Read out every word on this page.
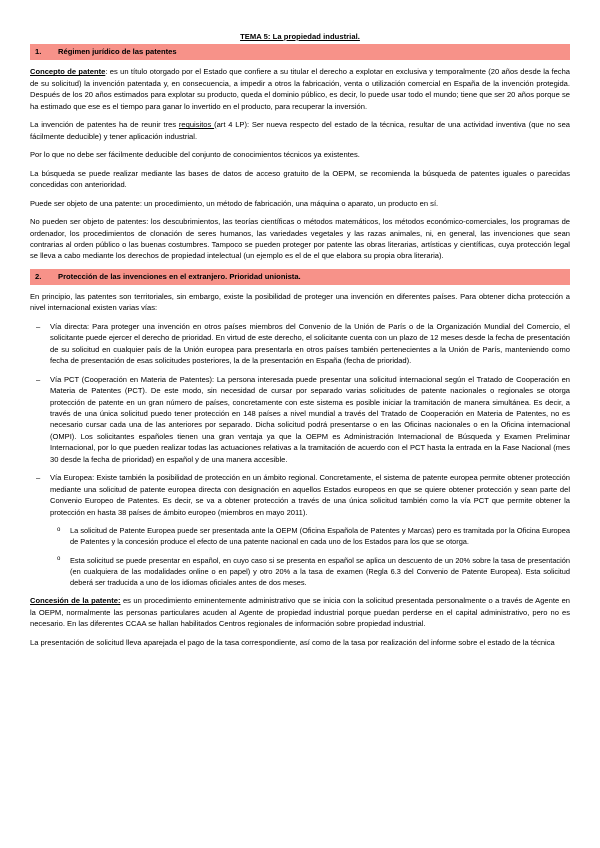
TEMA 5: La propiedad industrial.
1.	Régimen jurídico de las patentes

Concepto de patente: es un título otorgado por el Estado que confiere a su titular el derecho a explotar en exclusiva y temporalmente (20 años desde la fecha de su solicitud) la invención patentada y, en consecuencia, a impedir a otros la fabricación, venta o utilización comercial en España de la invención protegida. Después de los 20 años estimados para explotar su producto, queda el dominio público, es decir, lo puede usar todo el mundo; tiene que ser 20 años porque se ha estimado que ese es el tiempo para ganar lo invertido en el producto, para recuperar la inversión.

La invención de patentes ha de reunir tres requisitos (art 4 LP): Ser nueva respecto del estado de la técnica, resultar de una actividad inventiva (que no sea fácilmente deducible) y tener aplicación industrial.

Por lo que no debe ser fácilmente deducible del conjunto de conocimientos técnicos ya existentes.

La búsqueda se puede realizar mediante las bases de datos de acceso gratuito de la OEPM, se recomienda la búsqueda de patentes iguales o parecidas concedidas con anterioridad.

Puede ser objeto de una patente: un procedimiento, un método de fabricación, una máquina o aparato, un producto en sí.

No pueden ser objeto de patentes: los descubrimientos, las teorías científicas o métodos matemáticos, los métodos económico-comerciales, los programas de ordenador, los procedimientos de clonación de seres humanos, las variedades vegetales y las razas animales, ni, en general, las invenciones que sean contrarias al orden público o las buenas costumbres. Tampoco se pueden proteger por patente las obras literarias, artísticas y científicas, cuya protección legal se lleva a cabo mediante los derechos de propiedad intelectual (un ejemplo es el de el que elabora su propia obra literaria).

2.	Protección de las invenciones en el extranjero. Prioridad unionista.

En principio, las patentes son territoriales, sin embargo, existe la posibilidad de proteger una invención en diferentes países. Para obtener dicha protección a nivel internacional existen varias vías:

– Vía directa: Para proteger una invención en otros países miembros del Convenio de la Unión de París o de la Organización Mundial del Comercio, el solicitante puede ejercer el derecho de prioridad. En virtud de este derecho, el solicitante cuenta con un plazo de 12 meses desde la fecha de presentación de su solicitud en cualquier país de la Unión europea para presentarla en otros países también pertenecientes a la Unión de París, manteniendo como fecha de presentación de esas solicitudes posteriores, la de la presentación en España (fecha de prioridad).
– Vía PCT (Cooperación en Materia de Patentes): La persona interesada puede presentar una solicitud internacional según el Tratado de Cooperación en Materia de Patentes (PCT). De este modo, sin necesidad de cursar por separado varias solicitudes de patente nacionales o regionales se otorga protección de patente en un gran número de países, concretamente con este sistema es posible iniciar la tramitación de manera simultánea. Es decir, a través de una única solicitud puedo tener protección en 148 países a nivel mundial a través del Tratado de Cooperación en Materia de Patentes, no es necesario cursar cada una de las anteriores por separado. Dicha solicitud podrá presentarse o en las Oficinas nacionales o en la Oficina internacional (OMPI). Los solicitantes españoles tienen una gran ventaja ya que la OEPM es Administración Internacional de Búsqueda y Examen Preliminar Internacional, por lo que pueden realizar todas las actuaciones relativas a la tramitación de acuerdo con el PCT hasta la entrada en la Fase Nacional (mes 30 desde la fecha de prioridad) en español y de una manera accesible.
– Vía Europea: Existe también la posibilidad de protección en un ámbito regional. Concretamente, el sistema de patente europea permite obtener protección mediante una solicitud de patente europea directa con designación en aquellos Estados europeos en que se quiere obtener protección y sean parte del Convenio Europeo de Patentes. Es decir, se va a obtener protección a través de una única solicitud también como la vía PCT que permite obtener la protección en hasta 38 países de ámbito europeo (miembros en mayo 2011).
o La solicitud de Patente Europea puede ser presentada ante la OEPM (Oficina Española de Patentes y Marcas) pero es tramitada por la Oficina Europea de Patentes y la concesión produce el efecto de una patente nacional en cada uno de los Estados para los que se otorga.
o Esta solicitud se puede presentar en español, en cuyo caso si se presenta en español se aplica un descuento de un 20% sobre la tasa de presentación (en cualquiera de las modalidades online o en papel) y otro 20% a la tasa de examen (Regla 6.3 del Convenio de Patente Europea). Esta solicitud deberá ser traducida a uno de los idiomas oficiales antes de dos meses.

Concesión de la patente: es un procedimiento eminentemente administrativo que se inicia con la solicitud presentada personalmente o a través de Agente en la OEPM, normalmente las personas particulares acuden al Agente de propiedad industrial porque puedan perderse en el capital administrativo, pero no es necesario. En las diferentes CCAA se hallan habilitados Centros regionales de información sobre propiedad industrial.

La presentación de solicitud lleva aparejada el pago de la tasa correspondiente, así como de la tasa por realización del informe sobre el estado de la técnica
